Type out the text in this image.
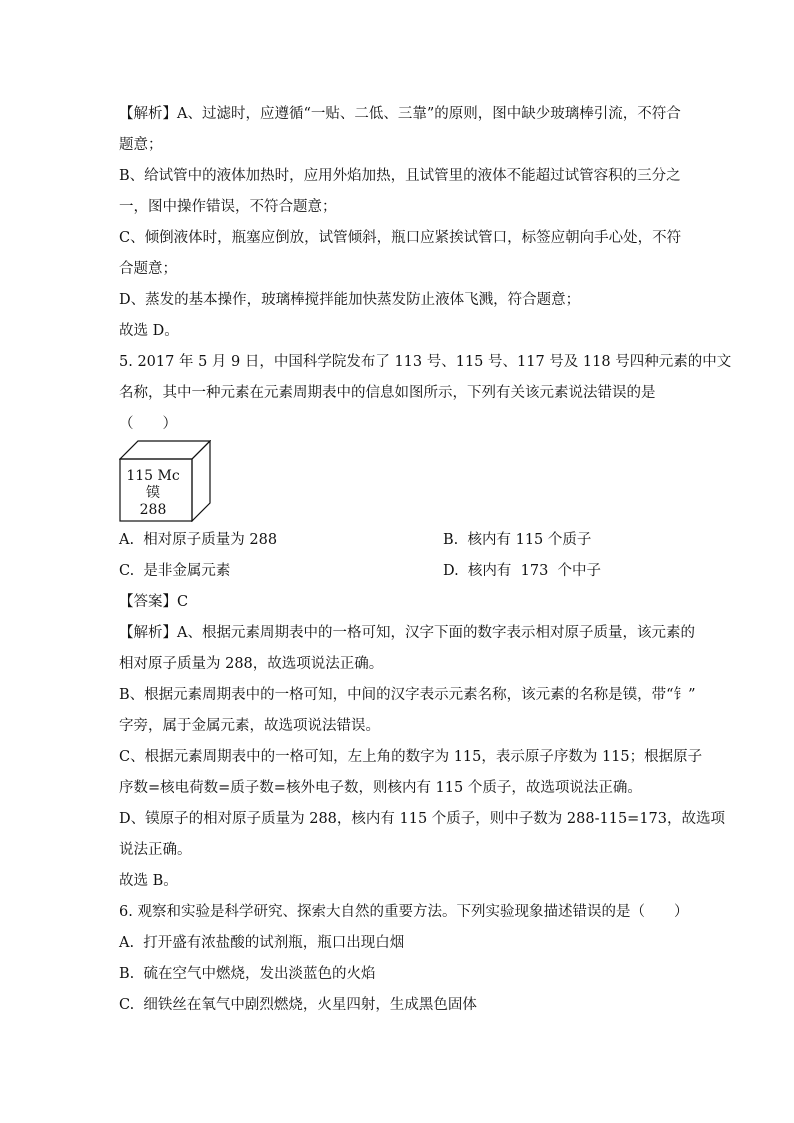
【解析】A、过滤时，应遵循“一贴、二低、三靠”的原则，图中缺少玻璃棒引流，不符合
题意；
B、给试管中的液体加热时，应用外焰加热，且试管里的液体不能超过试管容积的三分之
一，图中操作错误，不符合题意；
C、倾倒液体时，瓶塞应倒放，试管倾斜，瓶口应紧挨试管口，标签应朝向手心处，不符
合题意；
D、蒸发的基本操作，玻璃棒搅拌能加快蒸发防止液体飞溅，符合题意；
故选 D。
5. 2017 年 5 月 9 日，中国科学院发布了 113 号、115 号、117 号及 118 号四种元素的中文
名称，其中一种元素在元素周期表中的信息如图所示，下列有关该元素说法错误的是
（　　）
115 Mc
镆
288
A.  相对原子质量为 288	B.  核内有 115 个质子
C.  是非金属元素	D.  核内有  173  个中子
【答案】C
【解析】A、根据元素周期表中的一格可知，汉字下面的数字表示相对原子质量，该元素的
相对原子质量为 288，故选项说法正确。
B、根据元素周期表中的一格可知，中间的汉字表示元素名称，该元素的名称是镆，带“钅”
字旁，属于金属元素，故选项说法错误。
C、根据元素周期表中的一格可知，左上角的数字为 115，表示原子序数为 115；根据原子
序数=核电荷数=质子数=核外电子数，则核内有 115 个质子，故选项说法正确。
D、镆原子的相对原子质量为 288，核内有 115 个质子，则中子数为 288-115=173，故选项
说法正确。
故选 B。
6. 观察和实验是科学研究、探索大自然的重要方法。下列实验现象描述错误的是（　　）
A.  打开盛有浓盐酸的试剂瓶，瓶口出现白烟
B.  硫在空气中燃烧，发出淡蓝色的火焰
C.  细铁丝在氧气中剧烈燃烧，火星四射，生成黑色固体
